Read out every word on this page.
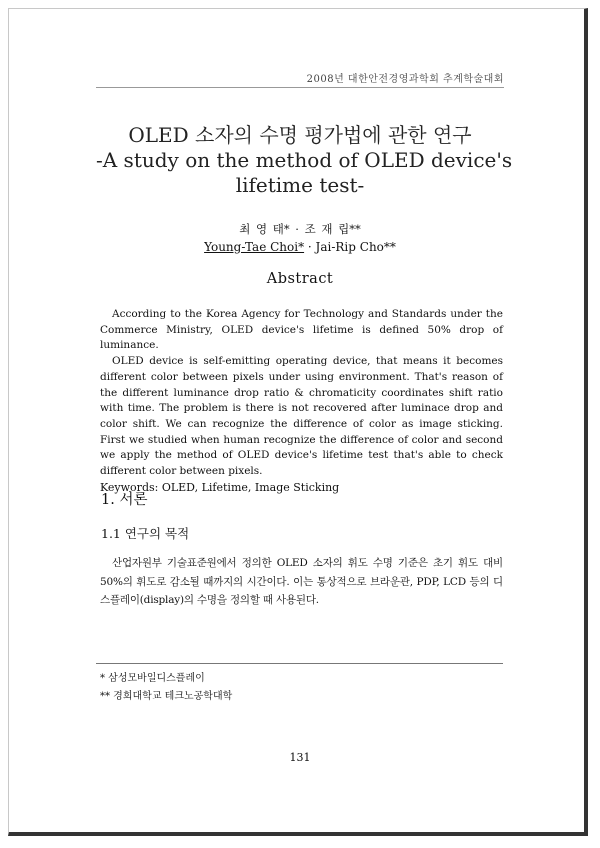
2008년 대한안전경영과학회 추계학술대회
OLED 소자의 수명 평가법에 관한 연구
-A study on the method of OLED device's
lifetime test-
최 영 태* · 조 재 립**
Young-Tae Choi* · Jai-Rip Cho**
Abstract

According to the Korea Agency for Technology and Standards under the Commerce Ministry, OLED device's lifetime is defined 50% drop of luminance.

OLED device is self-emitting operating device, that means it becomes different color between pixels under using environment. That's reason of the different luminance drop ratio & chromaticity coordinates shift ratio with time. The problem is there is not recovered after luminace drop and color shift. We can recognize the difference of color as image sticking. First we studied when human recognize the difference of color and second we apply the method of OLED device's lifetime test that's able to check different color between pixels.

Keywords: OLED, Lifetime, Image Sticking

1. 서론
1.1 연구의 목적
산업자원부 기술표준원에서 정의한 OLED 소자의 휘도 수명 기준은 초기 휘도 대비 50%의 휘도로 감소될 때까지의 시간이다. 이는 통상적으로 브라운관, PDP, LCD 등의 디스플레이(display)의 수명을 정의할 때 사용된다.
* 삼성모바일디스플레이
** 경희대학교 테크노공학대학
131
